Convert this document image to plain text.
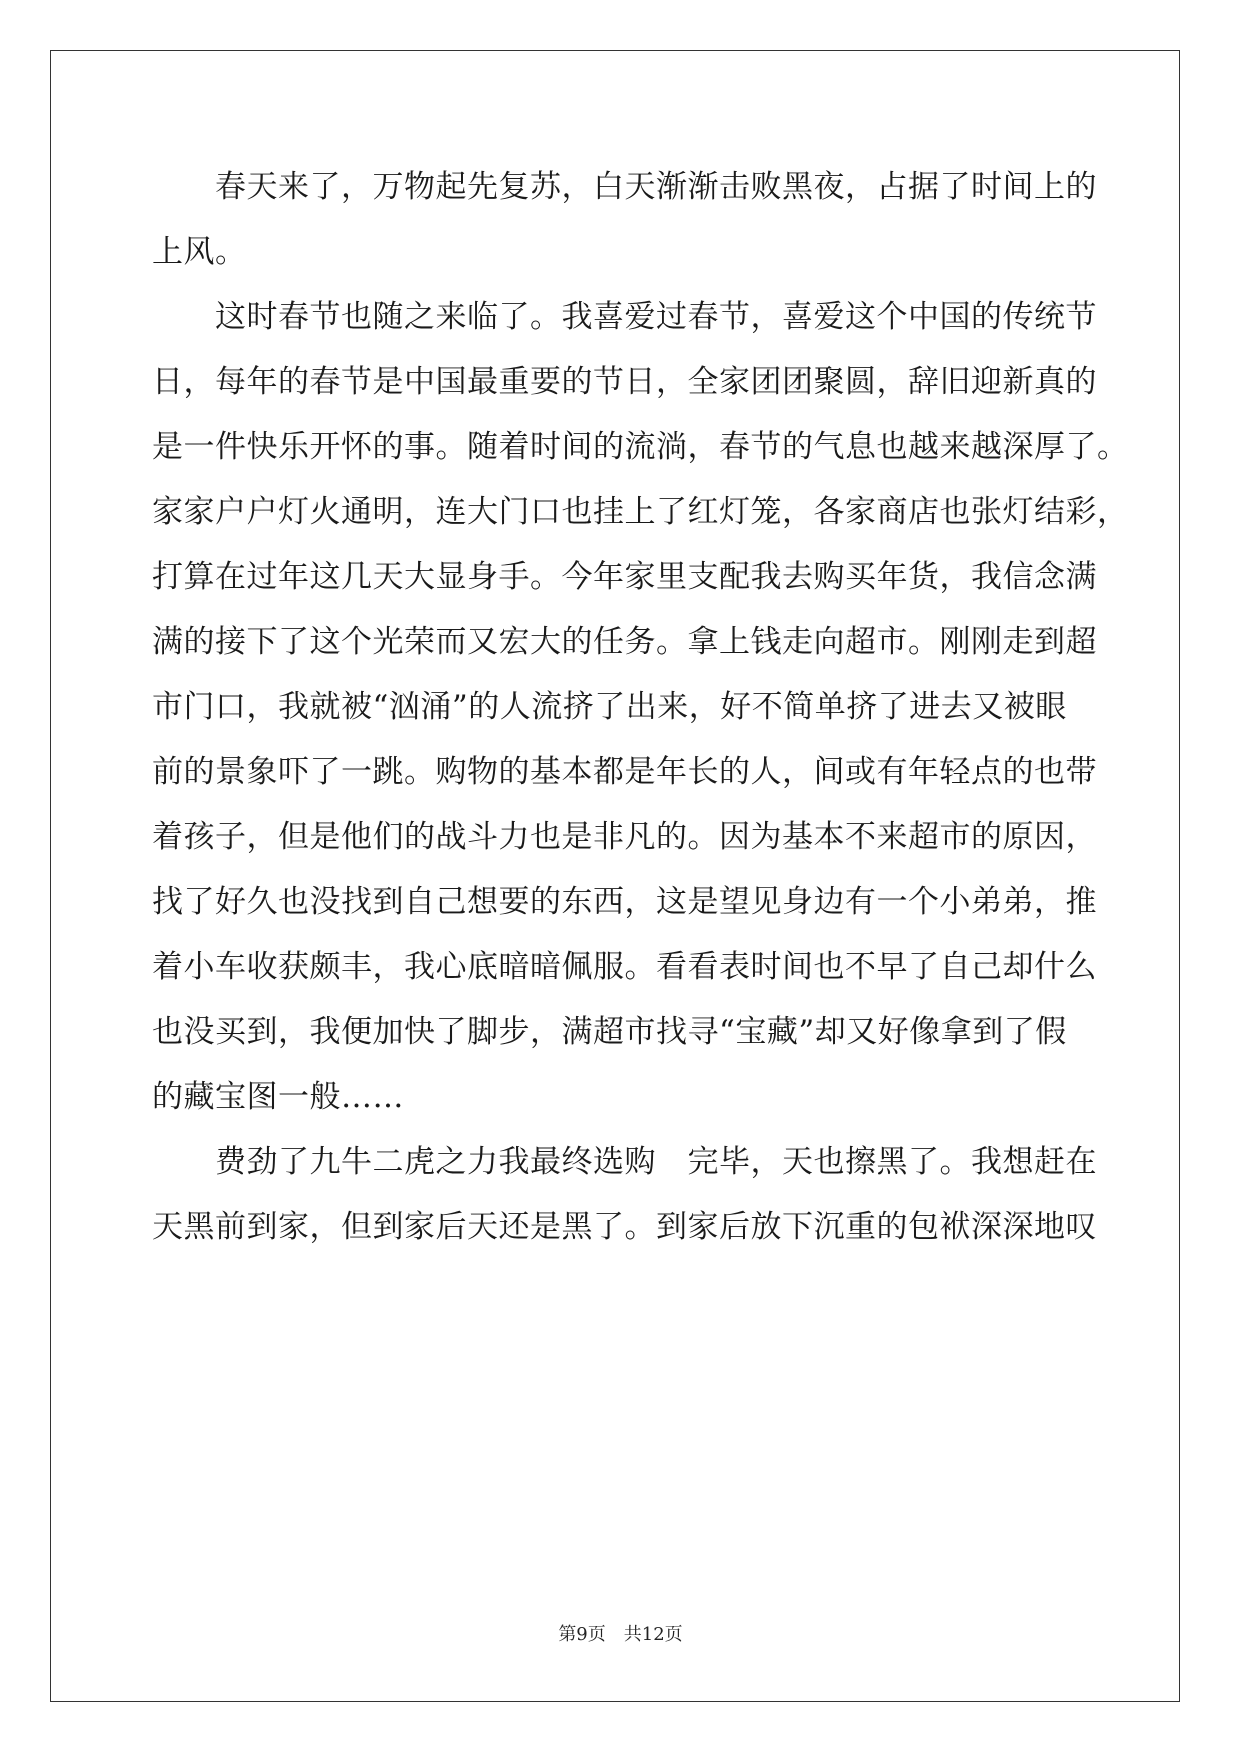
　　春天来了，万物起先复苏，白天渐渐击败黑夜，占据了时间上的
上风。
　　这时春节也随之来临了。我喜爱过春节，喜爱这个中国的传统节
日，每年的春节是中国最重要的节日，全家团团聚圆，辞旧迎新真的
是一件快乐开怀的事。随着时间的流淌，春节的气息也越来越深厚了。
家家户户灯火通明，连大门口也挂上了红灯笼，各家商店也张灯结彩，
打算在过年这几天大显身手。今年家里支配我去购买年货，我信念满
满的接下了这个光荣而又宏大的任务。拿上钱走向超市。刚刚走到超
市门口，我就被“汹涌”的人流挤了出来，好不简单挤了进去又被眼
前的景象吓了一跳。购物的基本都是年长的人，间或有年轻点的也带
着孩子，但是他们的战斗力也是非凡的。因为基本不来超市的原因，
找了好久也没找到自己想要的东西，这是望见身边有一个小弟弟，推
着小车收获颇丰，我心底暗暗佩服。看看表时间也不早了自己却什么
也没买到，我便加快了脚步，满超市找寻“宝藏”却又好像拿到了假
的藏宝图一般……
　　费劲了九牛二虎之力我最终选购　完毕，天也擦黑了。我想赶在
天黑前到家，但到家后天还是黑了。到家后放下沉重的包袱深深地叹
第9页 共12页
